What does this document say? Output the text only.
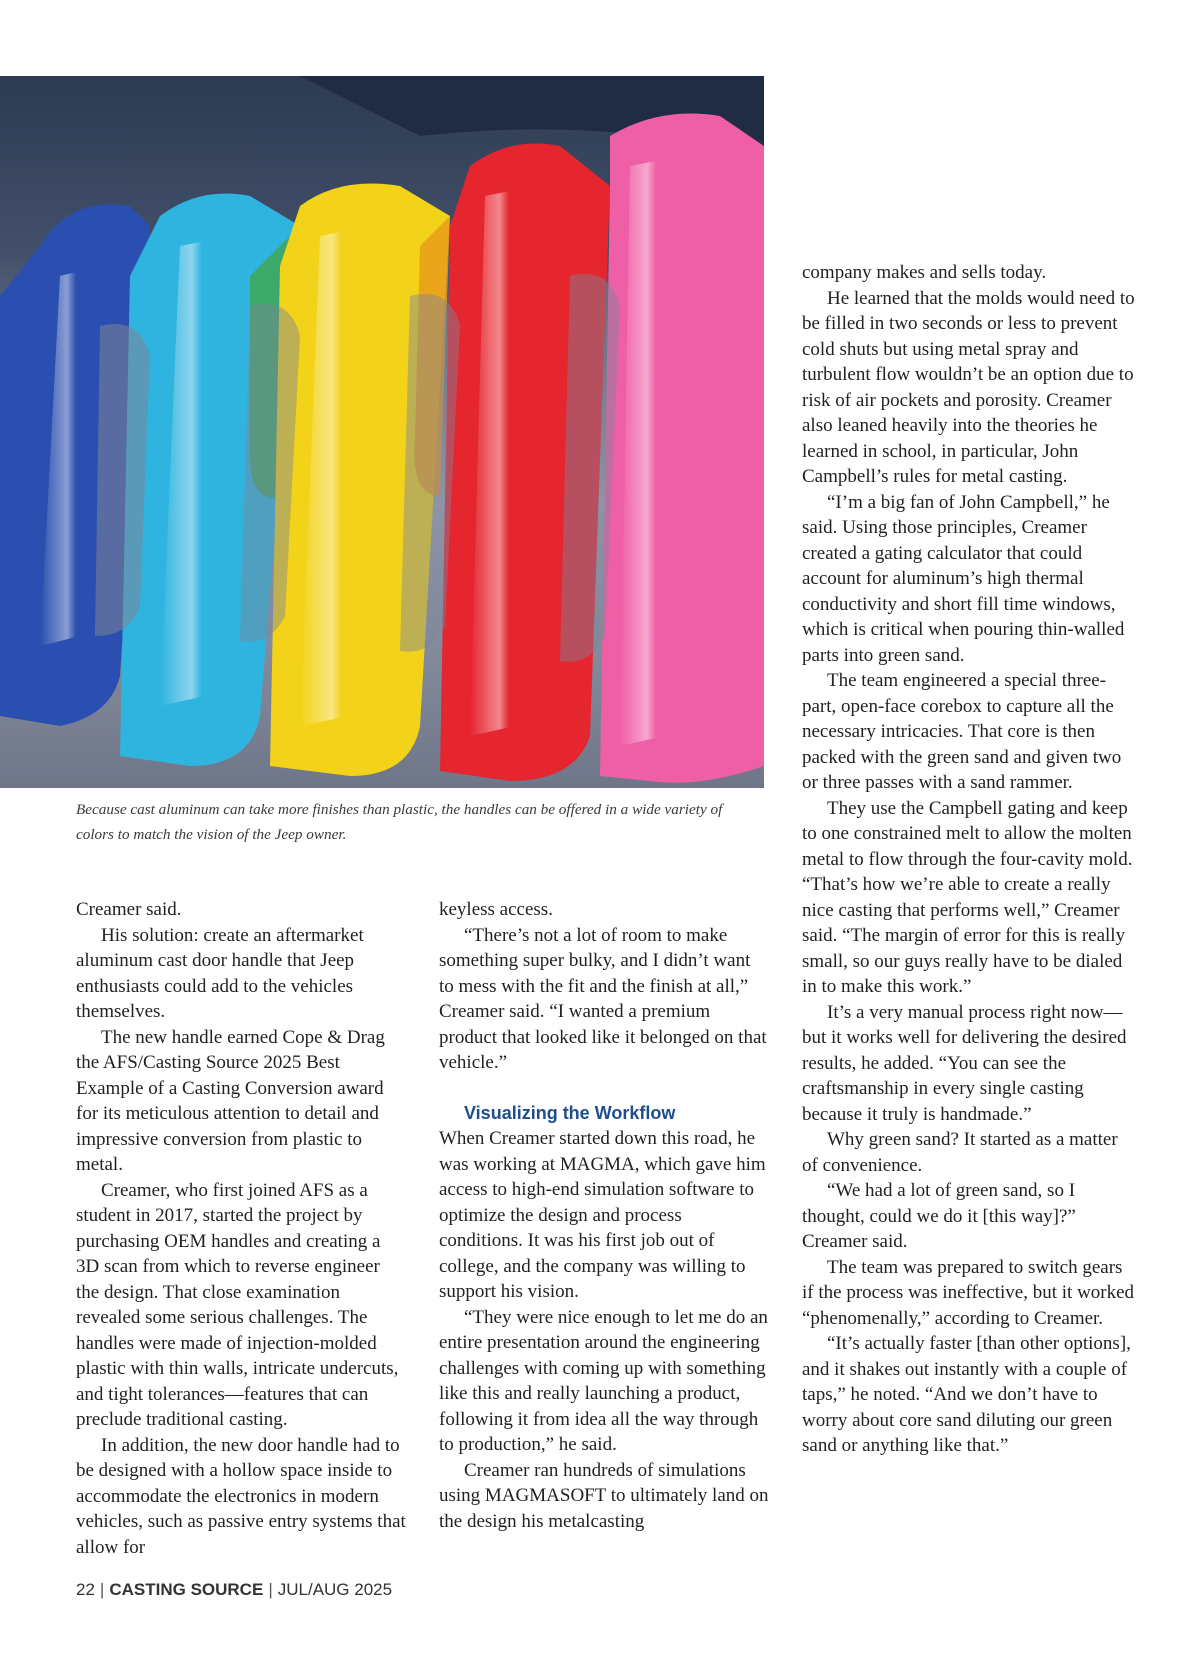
Because cast aluminum can take more finishes than plastic, the handles can be offered in a wide variety of colors to match the vision of the Jeep owner.

Creamer said.

His solution: create an aftermarket aluminum cast door handle that Jeep enthusiasts could add to the vehicles themselves.

The new handle earned Cope & Drag the AFS/Casting Source 2025 Best Example of a Casting Conversion award for its meticulous attention to detail and impressive conversion from plastic to metal.

Creamer, who first joined AFS as a student in 2017, started the project by purchasing OEM handles and creating a 3D scan from which to reverse engineer the design. That close examination revealed some serious challenges. The handles were made of injection-molded plastic with thin walls, intricate undercuts, and tight tolerances—features that can preclude traditional casting.

In addition, the new door handle had to be designed with a hollow space inside to accommodate the electronics in modern vehicles, such as passive entry systems that allow for

keyless access.

“There’s not a lot of room to make something super bulky, and I didn’t want to mess with the fit and the finish at all,” Creamer said. “I wanted a premium product that looked like it belonged on that vehicle.”

Visualizing the Workflow

When Creamer started down this road, he was working at MAGMA, which gave him access to high-end simulation software to optimize the design and process conditions. It was his first job out of college, and the company was willing to support his vision.

“They were nice enough to let me do an entire presentation around the engineering challenges with coming up with something like this and really launching a product, following it from idea all the way through to production,” he said.

Creamer ran hundreds of simulations using MAGMASOFT to ultimately land on the design his metalcasting

company makes and sells today.

He learned that the molds would need to be filled in two seconds or less to prevent cold shuts but using metal spray and turbulent flow wouldn’t be an option due to risk of air pockets and porosity. Creamer also leaned heavily into the theories he learned in school, in particular, John Campbell’s rules for metal casting.

“I’m a big fan of John Campbell,” he said. Using those principles, Creamer created a gating calculator that could account for aluminum’s high thermal conductivity and short fill time windows, which is critical when pouring thin-walled parts into green sand.

The team engineered a special three-part, open-face corebox to capture all the necessary intricacies. That core is then packed with the green sand and given two or three passes with a sand rammer.

They use the Campbell gating and keep to one constrained melt to allow the molten metal to flow through the four-cavity mold. “That’s how we’re able to create a really nice casting that performs well,” Creamer said. “The margin of error for this is really small, so our guys really have to be dialed in to make this work.”

It’s a very manual process right now—but it works well for delivering the desired results, he added. “You can see the craftsmanship in every single casting because it truly is handmade.”

Why green sand? It started as a matter of convenience.

“We had a lot of green sand, so I thought, could we do it [this way]?” Creamer said.

The team was prepared to switch gears if the process was ineffective, but it worked “phenomenally,” according to Creamer.

“It’s actually faster [than other options], and it shakes out instantly with a couple of taps,” he noted. “And we don’t have to worry about core sand diluting our green sand or anything like that.”

22 | CASTING SOURCE | JUL/AUG 2025
